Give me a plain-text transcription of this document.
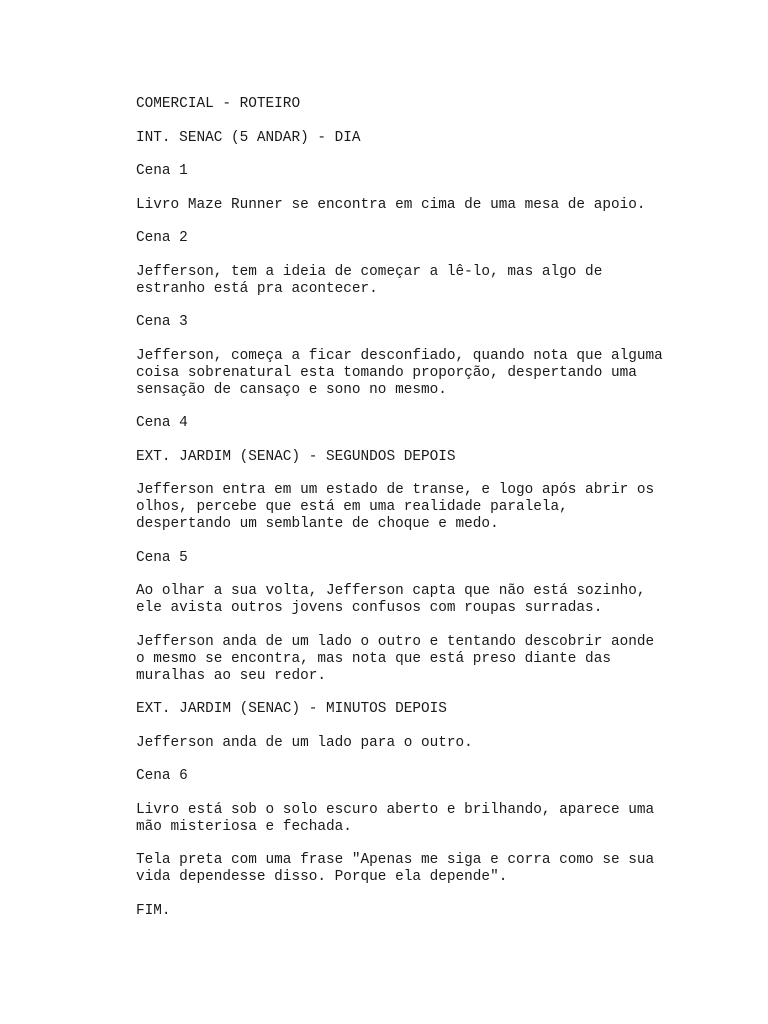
COMERCIAL - ROTEIRO

INT. SENAC (5 ANDAR) - DIA

Cena 1

Livro Maze Runner se encontra em cima de uma mesa de apoio.

Cena 2

Jefferson, tem a ideia de começar a lê-lo, mas algo de
estranho está pra acontecer.

Cena 3

Jefferson, começa a ficar desconfiado, quando nota que alguma
coisa sobrenatural esta tomando proporção, despertando uma
sensação de cansaço e sono no mesmo.

Cena 4

EXT. JARDIM (SENAC) - SEGUNDOS DEPOIS

Jefferson entra em um estado de transe, e logo após abrir os
olhos, percebe que está em uma realidade paralela,
despertando um semblante de choque e medo.

Cena 5

Ao olhar a sua volta, Jefferson capta que não está sozinho,
ele avista outros jovens confusos com roupas surradas.

Jefferson anda de um lado o outro e tentando descobrir aonde
o mesmo se encontra, mas nota que está preso diante das
muralhas ao seu redor.

EXT. JARDIM (SENAC) - MINUTOS DEPOIS

Jefferson anda de um lado para o outro.

Cena 6

Livro está sob o solo escuro aberto e brilhando, aparece uma
mão misteriosa e fechada.

Tela preta com uma frase "Apenas me siga e corra como se sua
vida dependesse disso. Porque ela depende".

FIM.
